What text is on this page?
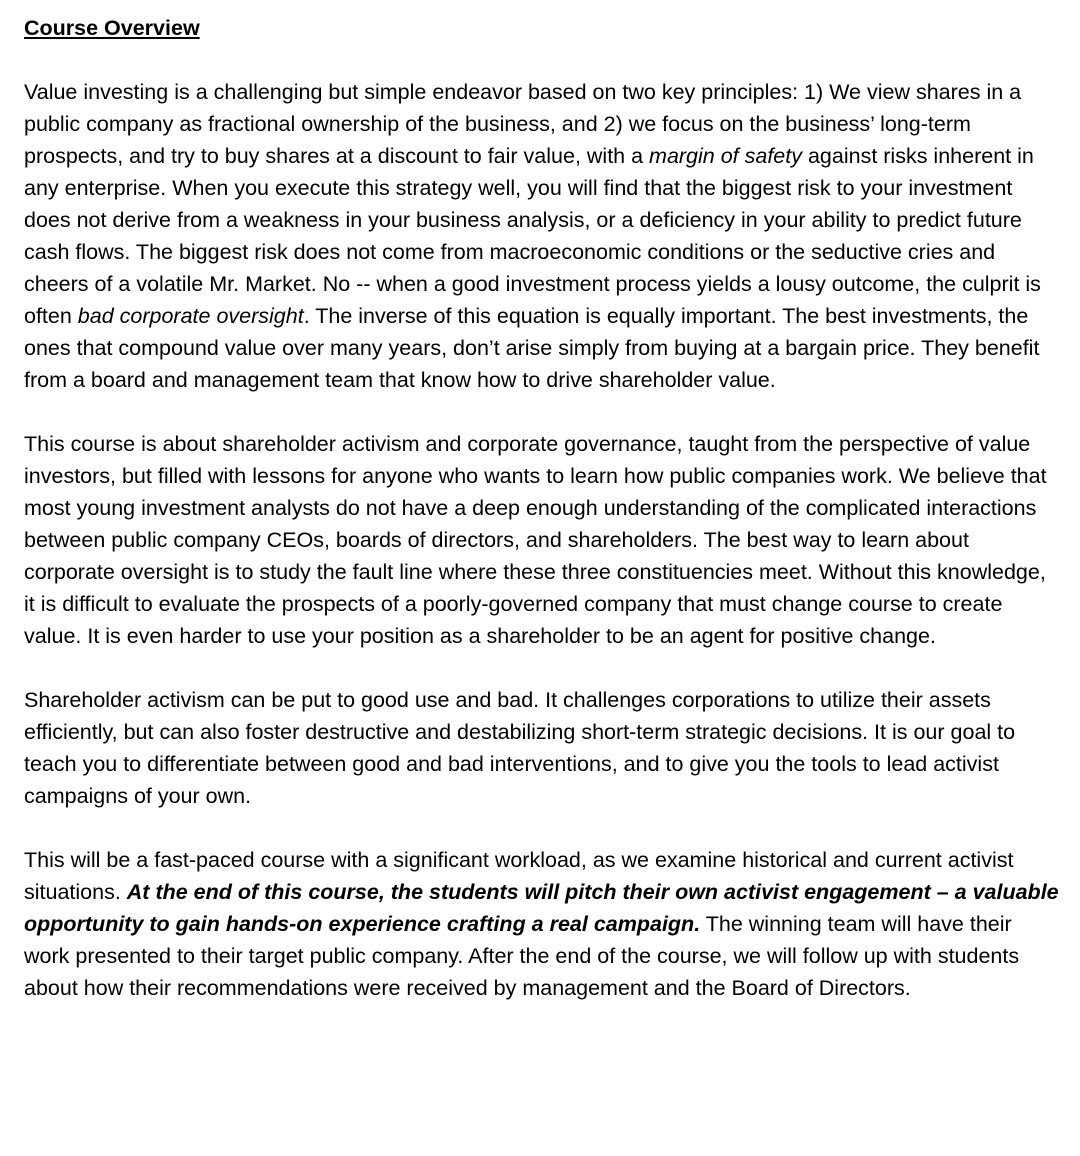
Course Overview
Value investing is a challenging but simple endeavor based on two key principles: 1) We view shares in a public company as fractional ownership of the business, and 2) we focus on the business’ long-term prospects, and try to buy shares at a discount to fair value, with a margin of safety against risks inherent in any enterprise. When you execute this strategy well, you will find that the biggest risk to your investment does not derive from a weakness in your business analysis, or a deficiency in your ability to predict future cash flows. The biggest risk does not come from macroeconomic conditions or the seductive cries and cheers of a volatile Mr. Market. No -- when a good investment process yields a lousy outcome, the culprit is often bad corporate oversight. The inverse of this equation is equally important. The best investments, the ones that compound value over many years, don’t arise simply from buying at a bargain price. They benefit from a board and management team that know how to drive shareholder value.
This course is about shareholder activism and corporate governance, taught from the perspective of value investors, but filled with lessons for anyone who wants to learn how public companies work. We believe that most young investment analysts do not have a deep enough understanding of the complicated interactions between public company CEOs, boards of directors, and shareholders. The best way to learn about corporate oversight is to study the fault line where these three constituencies meet. Without this knowledge, it is difficult to evaluate the prospects of a poorly-governed company that must change course to create value. It is even harder to use your position as a shareholder to be an agent for positive change.
Shareholder activism can be put to good use and bad. It challenges corporations to utilize their assets efficiently, but can also foster destructive and destabilizing short-term strategic decisions. It is our goal to teach you to differentiate between good and bad interventions, and to give you the tools to lead activist campaigns of your own.
This will be a fast-paced course with a significant workload, as we examine historical and current activist situations. At the end of this course, the students will pitch their own activist engagement – a valuable opportunity to gain hands-on experience crafting a real campaign. The winning team will have their work presented to their target public company. After the end of the course, we will follow up with students about how their recommendations were received by management and the Board of Directors.
